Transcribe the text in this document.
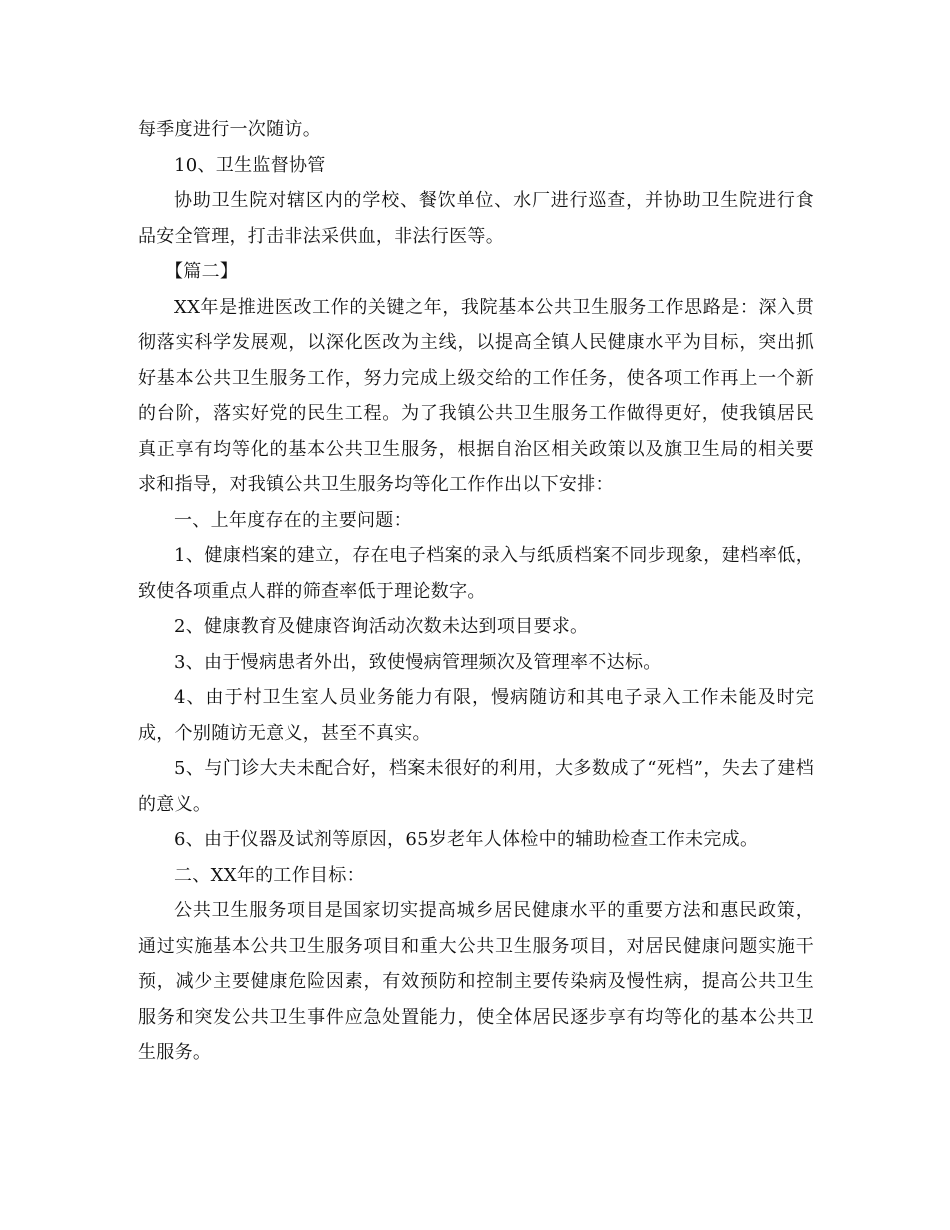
每季度进行一次随访。

10、卫生监督协管

协助卫生院对辖区内的学校、餐饮单位、水厂进行巡查，并协助卫生院进行食品安全管理，打击非法采供血，非法行医等。

【篇二】

XX年是推进医改工作的关键之年，我院基本公共卫生服务工作思路是：深入贯彻落实科学发展观，以深化医改为主线，以提高全镇人民健康水平为目标，突出抓好基本公共卫生服务工作，努力完成上级交给的工作任务，使各项工作再上一个新的台阶，落实好党的民生工程。为了我镇公共卫生服务工作做得更好，使我镇居民真正享有均等化的基本公共卫生服务，根据自治区相关政策以及旗卫生局的相关要求和指导，对我镇公共卫生服务均等化工作作出以下安排：

一、上年度存在的主要问题：

1、健康档案的建立，存在电子档案的录入与纸质档案不同步现象，建档率低，致使各项重点人群的筛查率低于理论数字。

2、健康教育及健康咨询活动次数未达到项目要求。

3、由于慢病患者外出，致使慢病管理频次及管理率不达标。

4、由于村卫生室人员业务能力有限，慢病随访和其电子录入工作未能及时完成，个别随访无意义，甚至不真实。

5、与门诊大夫未配合好，档案未很好的利用，大多数成了“死档”，失去了建档的意义。

6、由于仪器及试剂等原因，65岁老年人体检中的辅助检查工作未完成。

二、XX年的工作目标：

公共卫生服务项目是国家切实提高城乡居民健康水平的重要方法和惠民政策，通过实施基本公共卫生服务项目和重大公共卫生服务项目，对居民健康问题实施干预，减少主要健康危险因素，有效预防和控制主要传染病及慢性病，提高公共卫生服务和突发公共卫生事件应急处置能力，使全体居民逐步享有均等化的基本公共卫生服务。
